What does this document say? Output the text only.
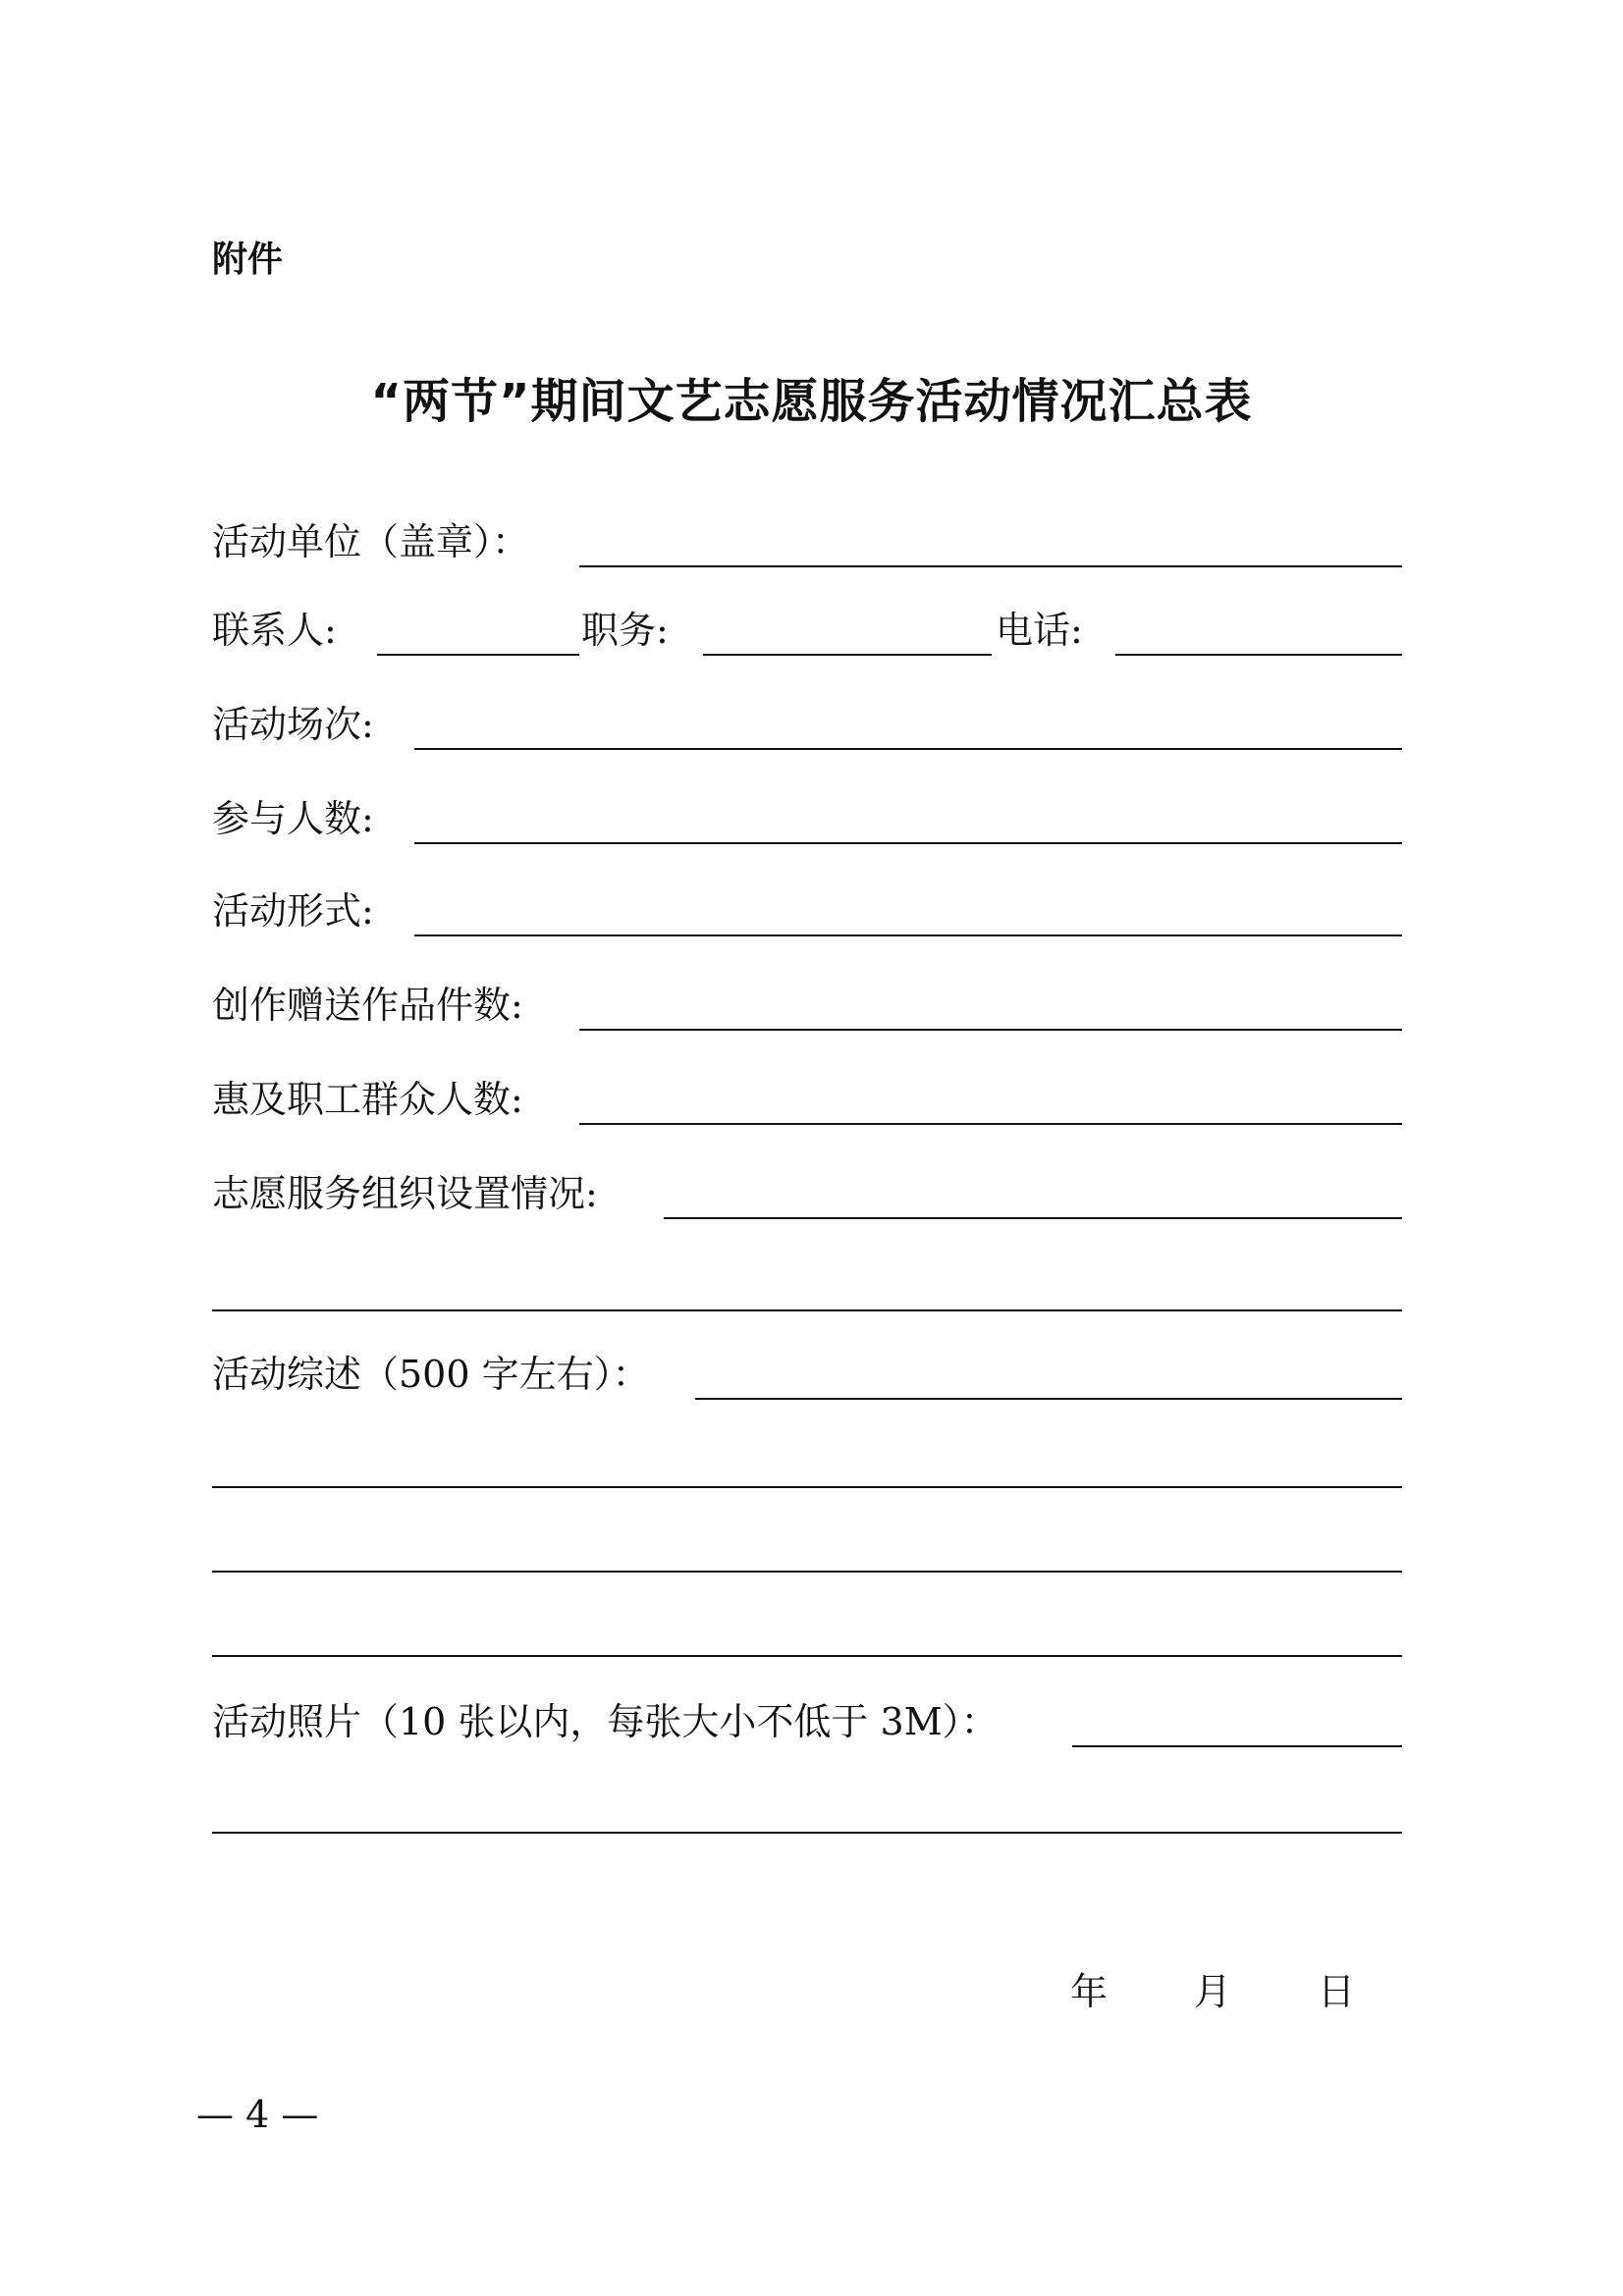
附件
“两节”期间文艺志愿服务活动情况汇总表
活动单位（盖章）：
联系人:	职务:	电话:
活动场次:
参与人数:
活动形式:
创作赠送作品件数:
惠及职工群众人数:
志愿服务组织设置情况:
活动综述（500 字左右）：
活动照片（10 张以内，每张大小不低于 3M）：
年 月 日
— 4 —
